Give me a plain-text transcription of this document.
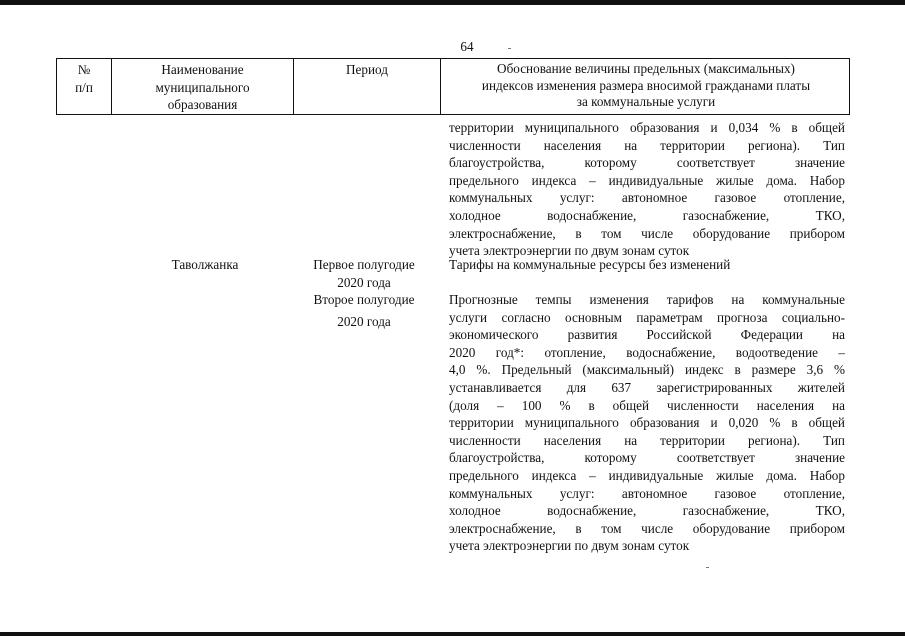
64
№
п/п
Наименование
муниципального
образования
Период	Обоснование величины предельных (максимальных)
индексов изменения размера вносимой гражданами платы
за коммунальные услуги
территории муниципального образования и 0,034 % в общей
численности населения на территории региона). Тип
благоустройства, которому соответствует значение
предельного индекса – индивидуальные жилые дома. Набор
коммунальных услуг: автономное газовое отопление,
холодное водоснабжение, газоснабжение, ТКО,
электроснабжение, в том числе оборудование прибором
учета электроэнергии по двум зонам суток
Таволжанка	Первое полугодие
2020 года
Тарифы на коммунальные ресурсы без изменений
Второе полугодие
2020 года
Прогнозные темпы изменения тарифов на коммунальные
услуги согласно основным параметрам прогноза социально-
экономического развития Российской Федерации на
2020 год*: отопление, водоснабжение, водоотведение –
4,0 %. Предельный (максимальный) индекс в размере 3,6 %
устанавливается для 637 зарегистрированных жителей
(доля – 100 % в общей численности населения на
территории муниципального образования и 0,020 % в общей
численности населения на территории региона). Тип
благоустройства, которому соответствует значение
предельного индекса – индивидуальные жилые дома. Набор
коммунальных услуг: автономное газовое отопление,
холодное водоснабжение, газоснабжение, ТКО,
электроснабжение, в том числе оборудование прибором
учета электроэнергии по двум зонам суток
